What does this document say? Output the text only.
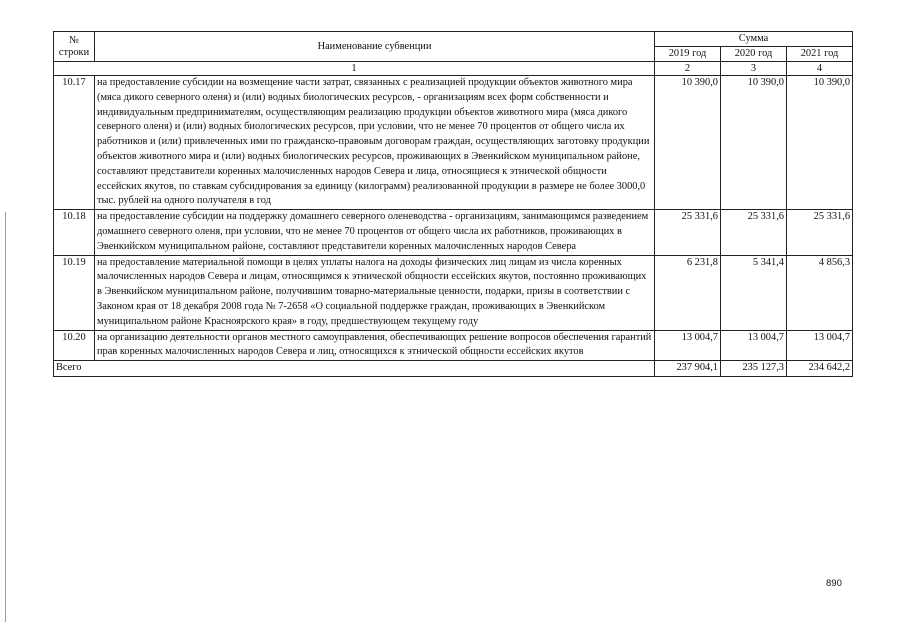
№
строки	Наименование субвенции	Сумма		
		2019 год	2020 год	2021 год
1		2	3	4
10.17	на предоставление субсидии на возмещение части затрат, связанных с реализацией продукции объектов животного мира (мяса дикого северного оленя) и (или) водных биологических ресурсов, - организациям всех форм собственности и индивидуальным предпринимателям, осуществляющим реализацию продукции объектов животного мира (мяса дикого северного оленя) и (или) водных биологических ресурсов, при условии, что не менее 70 процентов от общего числа их работников и (или) привлеченных ими по гражданско-правовым договорам граждан, осуществляющих заготовку продукции объектов животного мира и (или) водных биологических ресурсов, проживающих в Эвенкийском муниципальном районе, составляют представители коренных малочисленных народов Севера и лица, относящиеся к этнической общности ессейских якутов, по ставкам субсидирования за единицу (килограмм) реализованной продукции в размере не более 3000,0 тыс. рублей на одного получателя в год	10 390,0	10 390,0	10 390,0
10.18	на предоставление субсидии на поддержку домашнего северного оленеводства - организациям, занимающимся разведением домашнего северного оленя, при условии, что не менее 70 процентов от общего числа их работников, проживающих в Эвенкийском муниципальном районе, составляют представители коренных малочисленных народов Севера	25 331,6	25 331,6	25 331,6
10.19	на предоставление материальной помощи в целях уплаты налога на доходы физических лиц лицам из числа коренных малочисленных народов Севера и лицам, относящимся к этнической общности ессейских якутов, постоянно проживающих в Эвенкийском муниципальном районе, получившим товарно-материальные ценности, подарки, призы в соответствии с Законом края от 18 декабря 2008 года № 7-2658 «О социальной поддержке граждан, проживающих в Эвенкийском муниципальном районе Красноярского края» в году, предшествующем текущему году	6 231,8	5 341,4	4 856,3
10.20	на организацию деятельности органов местного самоуправления, обеспечивающих решение вопросов обеспечения гарантий прав коренных малочисленных народов Севера и лиц, относящихся к этнической общности ессейских якутов	13 004,7	13 004,7	13 004,7
Всего		237 904,1	235 127,3	234 642,2
890
